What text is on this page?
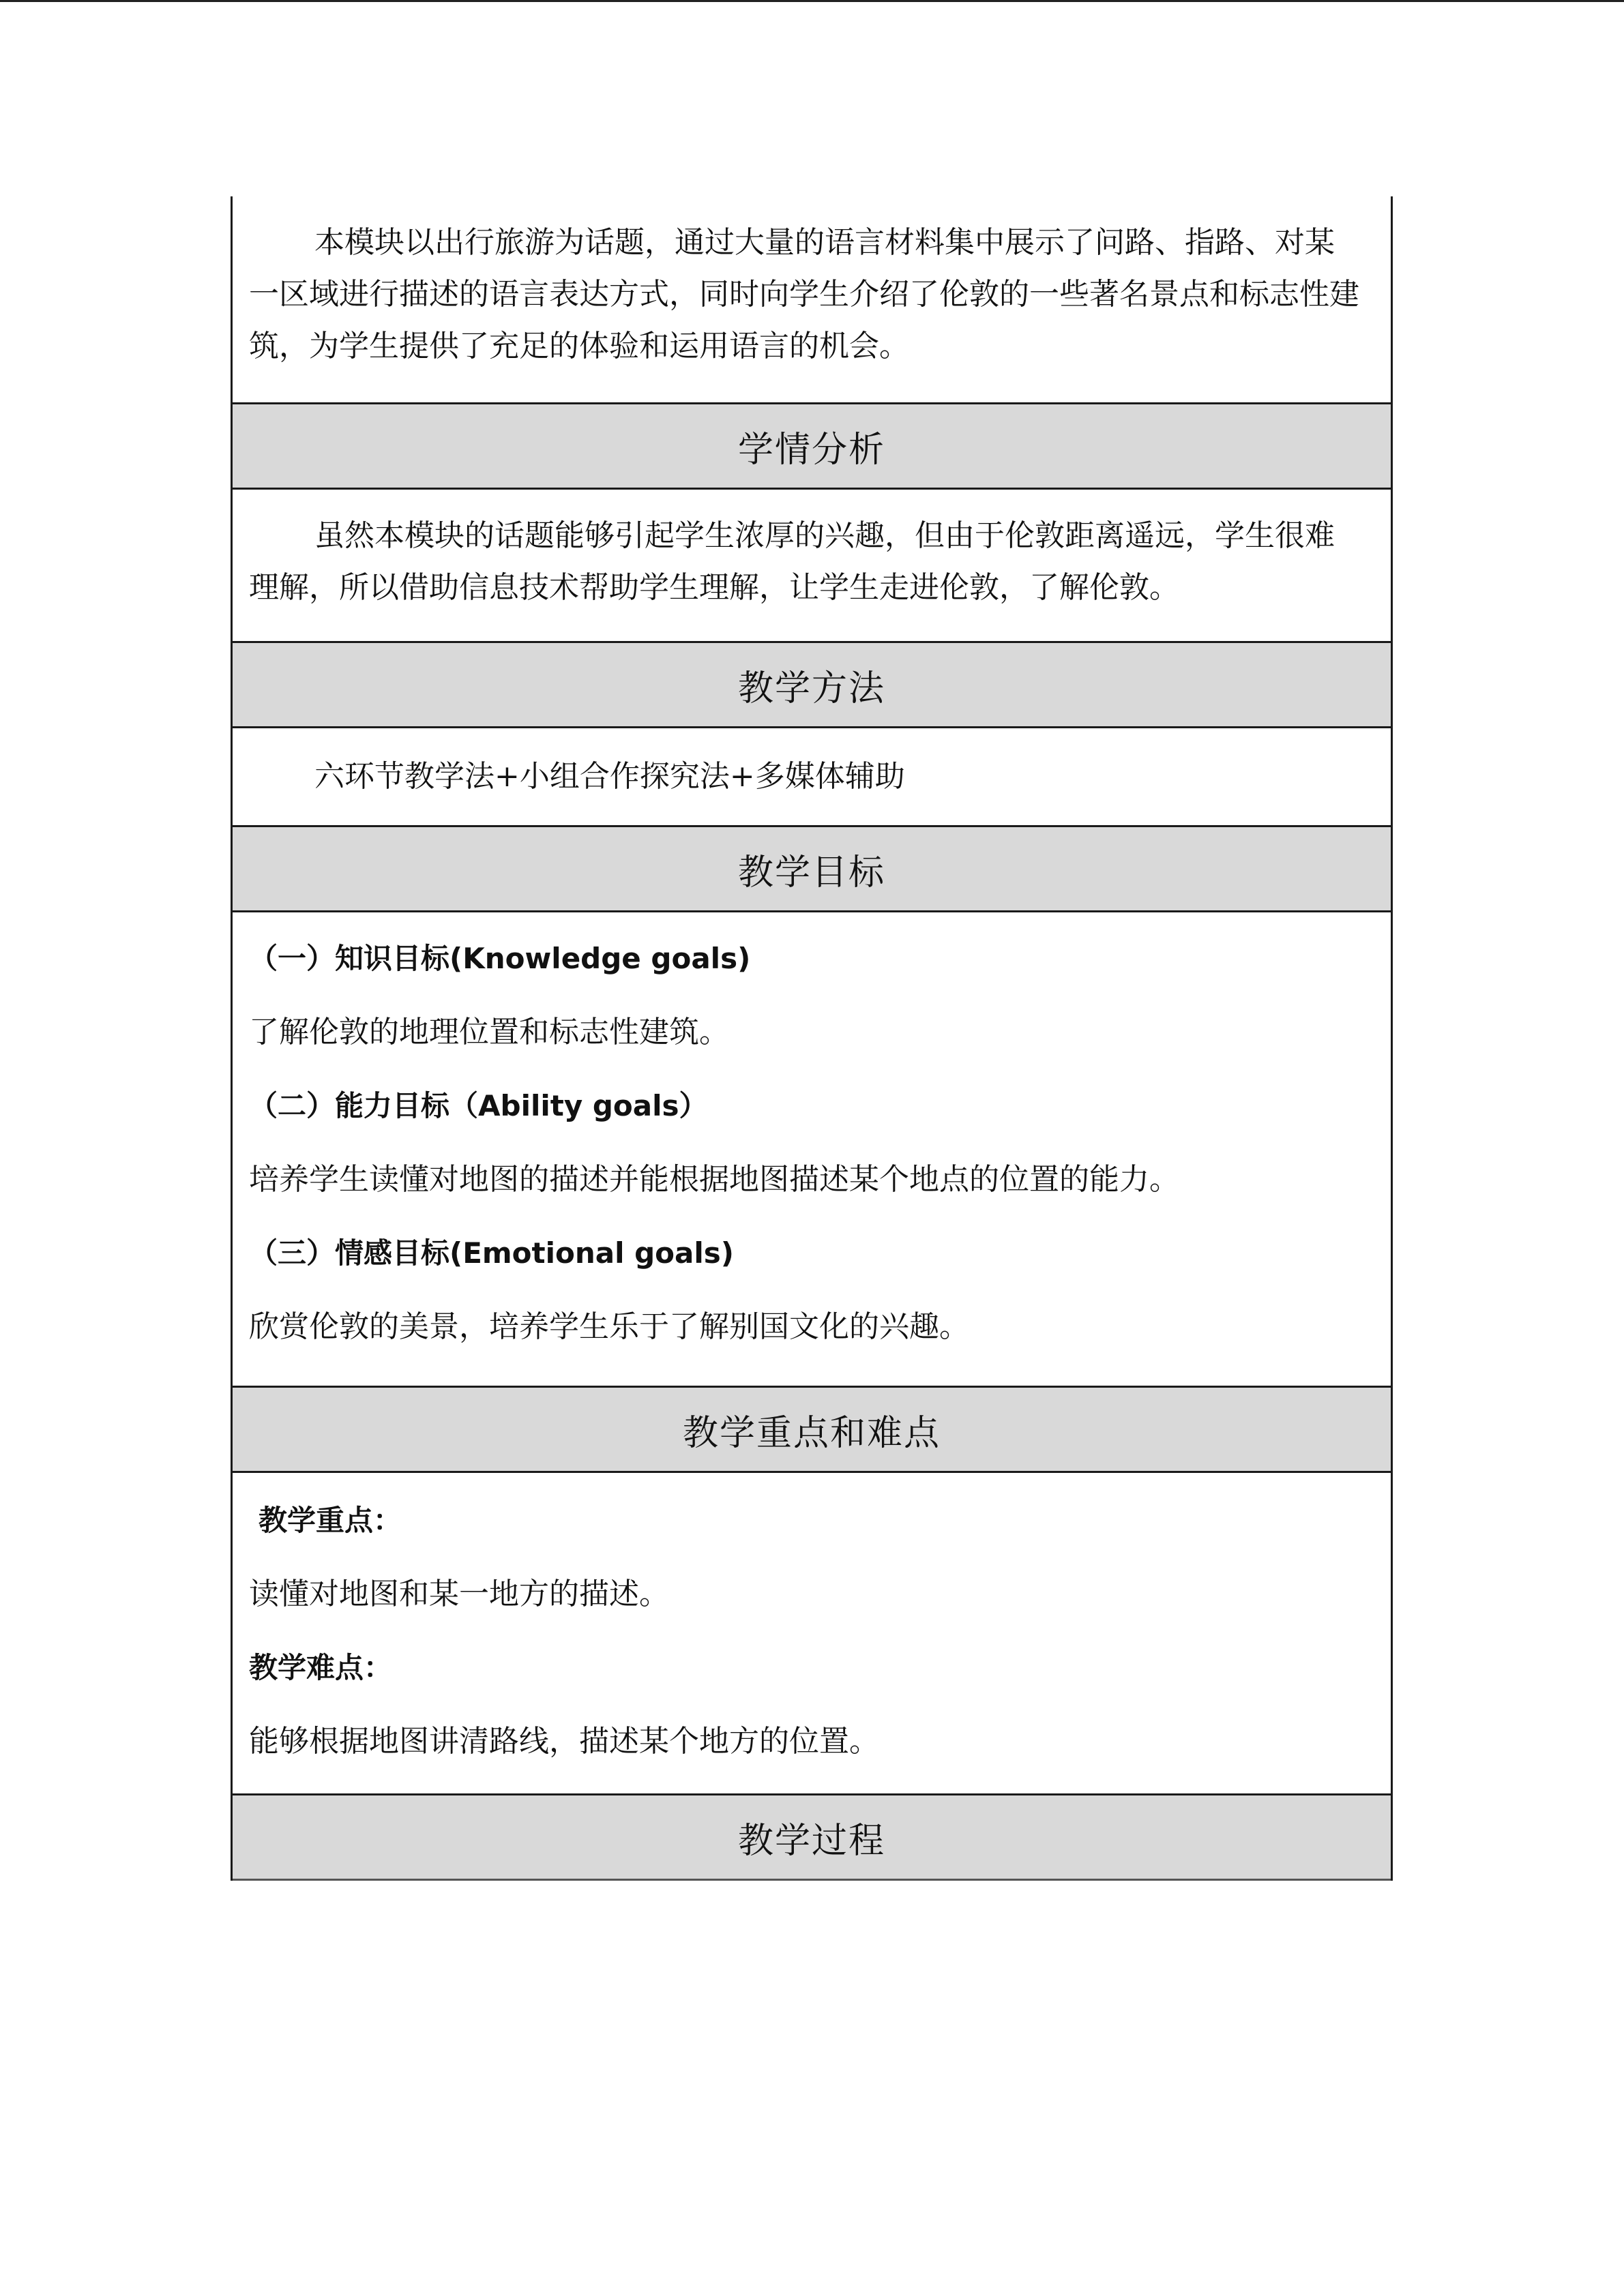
本模块以出行旅游为话题，通过大量的语言材料集中展示了问路、指路、对某一区域进行描述的语言表达方式，同时向学生介绍了伦敦的一些著名景点和标志性建筑，为学生提供了充足的体验和运用语言的机会。

学情分析

虽然本模块的话题能够引起学生浓厚的兴趣，但由于伦敦距离遥远，学生很难理解，所以借助信息技术帮助学生理解，让学生走进伦敦，了解伦敦。

教学方法

六环节教学法+小组合作探究法+多媒体辅助

教学目标

（一）知识目标(Knowledge goals)

了解伦敦的地理位置和标志性建筑。

（二）能力目标（Ability goals）

培养学生读懂对地图的描述并能根据地图描述某个地点的位置的能力。

（三）情感目标(Emotional goals)

欣赏伦敦的美景，培养学生乐于了解别国文化的兴趣。

教学重点和难点

教学重点：

读懂对地图和某一地方的描述。

教学难点：

能够根据地图讲清路线，描述某个地方的位置。

教学过程
